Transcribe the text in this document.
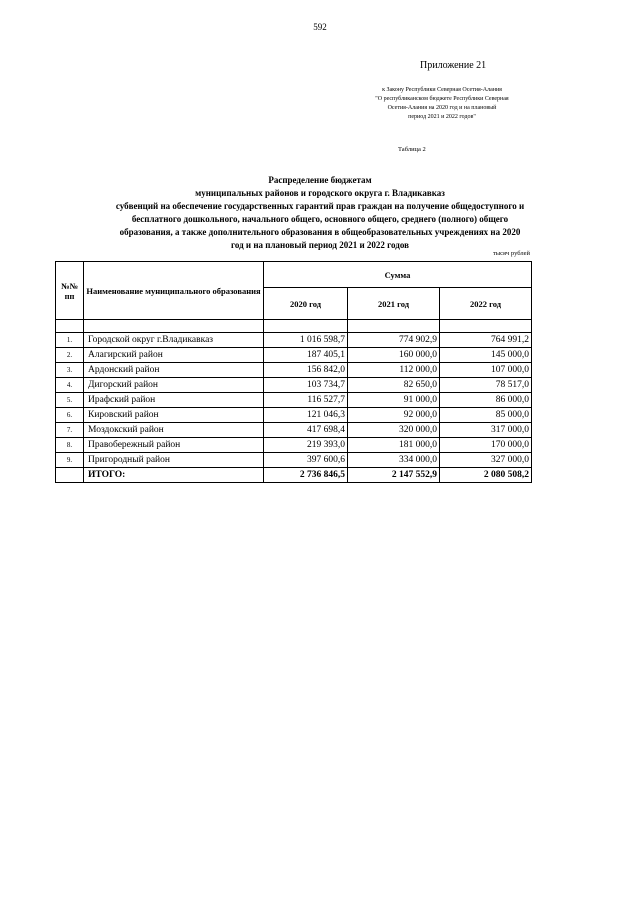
592
Приложение 21
к Закону Республики Северная Осетия-Алания
"О республиканском бюджете Республики Северная
Осетия-Алания на 2020 год и на плановый
период 2021 и 2022 годов"
Таблица 2
Распределение бюджетам
муниципальных районов и городского округа г. Владикавказ
субвенций на обеспечение государственных гарантий прав граждан на получение общедоступного и
бесплатного дошкольного, начального общего, основного общего, среднего (полного) общего
образования, а также дополнительного образования в общеобразовательных учреждениях на 2020
год и на плановый период 2021 и 2022 годов
тысяч рублей
№№ пп	Наименование муниципального образования	Сумма		
		2020 год	2021 год	2022 год

1.	Городской округ г.Владикавказ	1 016 598,7	774 902,9	764 991,2
2.	Алагирский район	187 405,1	160 000,0	145 000,0
3.	Ардонский район	156 842,0	112 000,0	107 000,0
4.	Дигорский район	103 734,7	82 650,0	78 517,0
5.	Ирафский район	116 527,7	91 000,0	86 000,0
6.	Кировский район	121 046,3	92 000,0	85 000,0
7.	Моздокский район	417 698,4	320 000,0	317 000,0
8.	Правобережный район	219 393,0	181 000,0	170 000,0
9.	Пригородный район	397 600,6	334 000,0	327 000,0
	ИТОГО:	2 736 846,5	2 147 552,9	2 080 508,2
